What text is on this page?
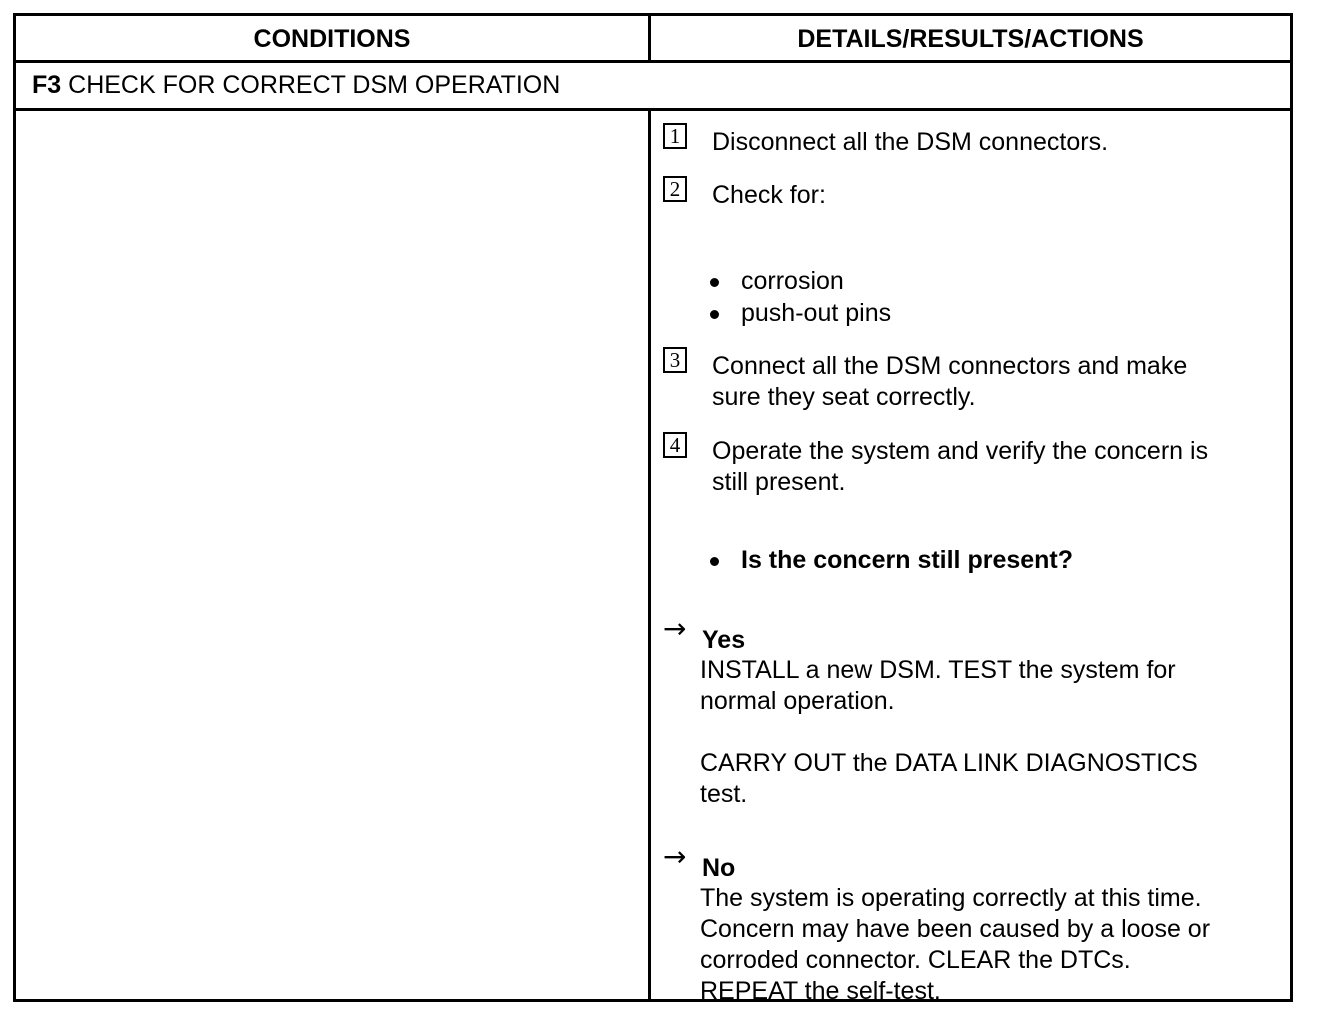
CONDITIONS	DETAILS/RESULTS/ACTIONS
F3 CHECK FOR CORRECT DSM OPERATION
1 Disconnect all the DSM connectors.
2 Check for:
corrosion
push-out pins
3 Connect all the DSM connectors and make
sure they seat correctly.
4 Operate the system and verify the concern is
still present.
Is the concern still present?
→ Yes
INSTALL a new DSM. TEST the system for
normal operation.

CARRY OUT the DATA LINK DIAGNOSTICS
test.
→ No
The system is operating correctly at this time.
Concern may have been caused by a loose or
corroded connector. CLEAR the DTCs.
REPEAT the self-test.
